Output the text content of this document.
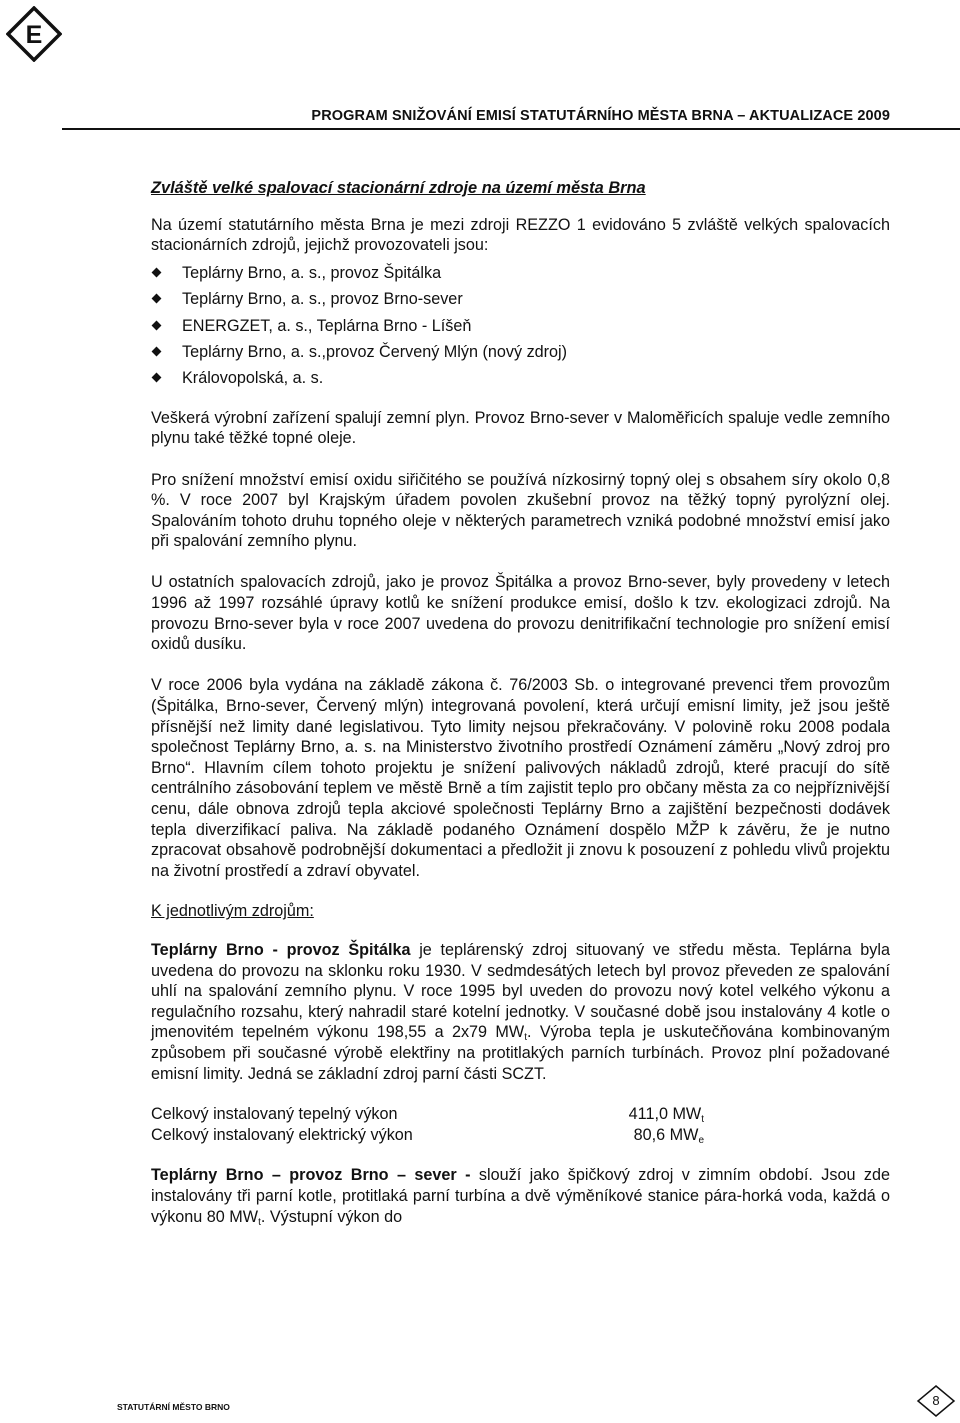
E
PROGRAM SNIŽOVÁNÍ EMISÍ STATUTÁRNÍHO MĚSTA BRNA – AKTUALIZACE 2009

Zvláště velké spalovací stacionární zdroje na území města Brna

Na území statutárního města Brna je mezi zdroji REZZO 1 evidováno 5 zvláště velkých spalovacích stacionárních zdrojů, jejichž provozovateli jsou:

Teplárny Brno, a. s., provoz Špitálka
Teplárny Brno, a. s., provoz Brno-sever
ENERGZET, a. s., Teplárna Brno - Líšeň
Teplárny Brno, a. s.,provoz Červený Mlýn (nový zdroj)
Královopolská, a. s.

Veškerá výrobní zařízení spalují zemní plyn. Provoz Brno-sever v Maloměřicích spaluje vedle zemního plynu také těžké topné oleje.

Pro snížení množství emisí oxidu siřičitého se používá nízkosirný topný olej s obsahem síry okolo 0,8 %. V roce 2007 byl Krajským úřadem povolen zkušební provoz na těžký topný pyrolýzní olej. Spalováním tohoto druhu topného oleje v některých parametrech vzniká podobné množství emisí jako při spalování zemního plynu.

U ostatních spalovacích zdrojů, jako je provoz Špitálka a provoz Brno-sever, byly provedeny v letech 1996 až 1997 rozsáhlé úpravy kotlů ke snížení produkce emisí, došlo k tzv. ekologizaci zdrojů. Na provozu Brno-sever byla v roce 2007 uvedena do provozu denitrifikační technologie pro snížení emisí oxidů dusíku.

V roce 2006 byla vydána na základě zákona č. 76/2003 Sb. o integrované prevenci třem provozům (Špitálka, Brno-sever, Červený mlýn) integrovaná povolení, která určují emisní limity, jež jsou ještě přísnější než limity dané legislativou. Tyto limity nejsou překračovány. V polovině roku 2008 podala společnost Teplárny Brno, a. s. na Ministerstvo životního prostředí Oznámení záměru „Nový zdroj pro Brno“. Hlavním cílem tohoto projektu je snížení palivových nákladů zdrojů, které pracují do sítě centrálního zásobování teplem ve městě Brně a tím zajistit teplo pro občany města za co nejpříznivější cenu, dále obnova zdrojů tepla akciové společnosti Teplárny Brno a zajištění bezpečnosti dodávek tepla diverzifikací paliva. Na základě podaného Oznámení dospělo MŽP k závěru, že je nutno zpracovat obsahově podrobnější dokumentaci a předložit ji znovu k posouzení z pohledu vlivů projektu na životní prostředí a zdraví obyvatel.

K jednotlivým zdrojům:

Teplárny Brno - provoz Špitálka je teplárenský zdroj situovaný ve středu města. Teplárna byla uvedena do provozu na sklonku roku 1930. V sedmdesátých letech byl provoz převeden ze spalování uhlí na spalování zemního plynu. V roce 1995 byl uveden do provozu nový kotel velkého výkonu a regulačního rozsahu, který nahradil staré kotelní jednotky. V současné době jsou instalovány 4 kotle o jmenovitém tepelném výkonu 198,55 a 2x79 $MW_t$. Výroba tepla je uskutečňována kombinovaným způsobem při současné výrobě elektřiny na protitlakých parních turbínách. Provoz plní požadované emisní limity. Jedná se základní zdroj parní části SCZT.

Celkový instalovaný tepelný výkon	411,0 $MW_t$
Celkový instalovaný elektrický výkon	80,6 $MW_e$

Teplárny Brno – provoz Brno – sever - slouží jako špičkový zdroj v zimním období. Jsou zde instalovány tři parní kotle, protitlaká parní turbína a dvě výměníkové stanice pára-horká voda, každá o výkonu 80 $MW_t$. Výstupní výkon do

STATUTÁRNÍ MĚSTO BRNO	8
